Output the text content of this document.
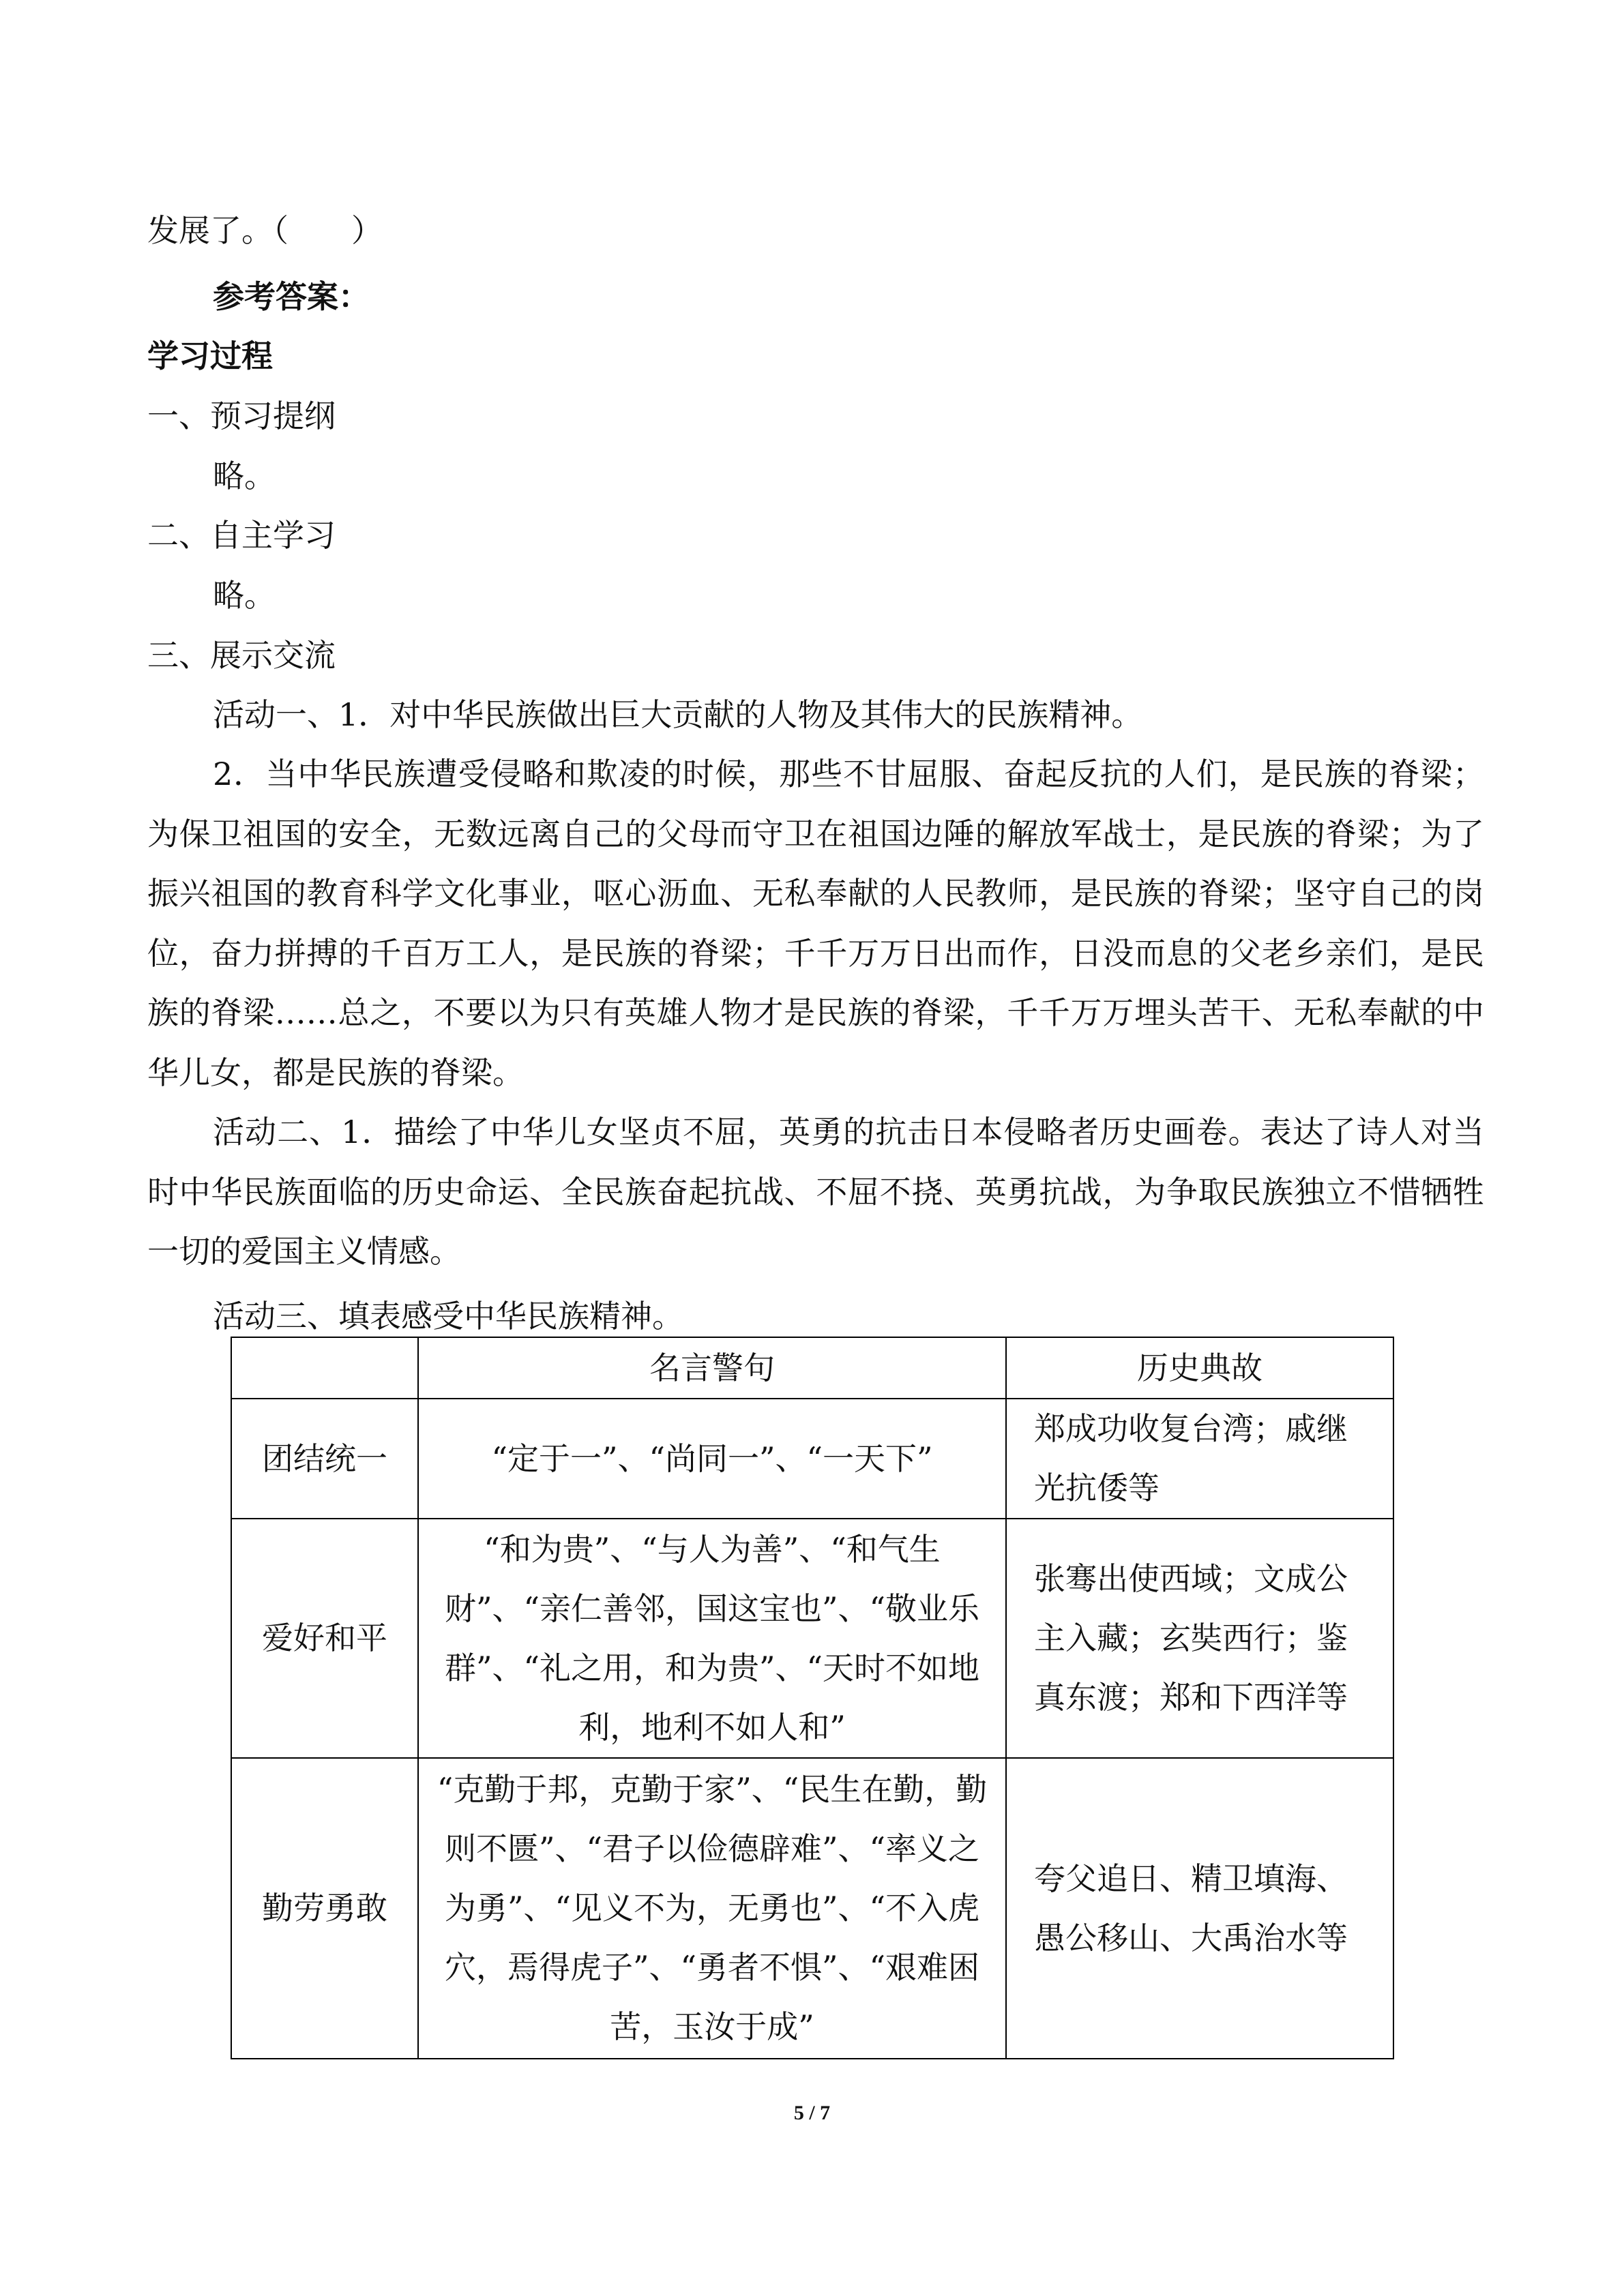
发展了。（　　）
参考答案：
学习过程
一、预习提纲
略。
二、自主学习
略。
三、展示交流
活动一、1．对中华民族做出巨大贡献的人物及其伟大的民族精神。
2．当中华民族遭受侵略和欺凌的时候，那些不甘屈服、奋起反抗的人们，是民族的脊梁；为保卫祖国的安全，无数远离自己的父母而守卫在祖国边陲的解放军战士，是民族的脊梁；为了振兴祖国的教育科学文化事业，呕心沥血、无私奉献的人民教师，是民族的脊梁；坚守自己的岗位，奋力拼搏的千百万工人，是民族的脊梁；千千万万日出而作，日没而息的父老乡亲们，是民族的脊梁……总之，不要以为只有英雄人物才是民族的脊梁，千千万万埋头苦干、无私奉献的中华儿女，都是民族的脊梁。
活动二、1．描绘了中华儿女坚贞不屈，英勇的抗击日本侵略者历史画卷。表达了诗人对当时中华民族面临的历史命运、全民族奋起抗战、不屈不挠、英勇抗战，为争取民族独立不惜牺牲一切的爱国主义情感。
活动三、填表感受中华民族精神。
	名言警句	历史典故
团结统一	“定于一”、“尚同一”、“一天下”	郑成功收复台湾；戚继光抗倭等
爱好和平	“和为贵”、“与人为善”、“和气生财”、“亲仁善邻，国这宝也”、“敬业乐群”、“礼之用，和为贵”、“天时不如地利，地利不如人和”	张骞出使西域；文成公主入藏；玄奘西行；鉴真东渡；郑和下西洋等
勤劳勇敢	“克勤于邦，克勤于家”、“民生在勤，勤则不匮”、“君子以俭德辟难”、“率义之为勇”、“见义不为，无勇也”、“不入虎穴，焉得虎子”、“勇者不惧”、“艰难困苦，玉汝于成”	夸父追日、精卫填海、愚公移山、大禹治水等
5 / 7
